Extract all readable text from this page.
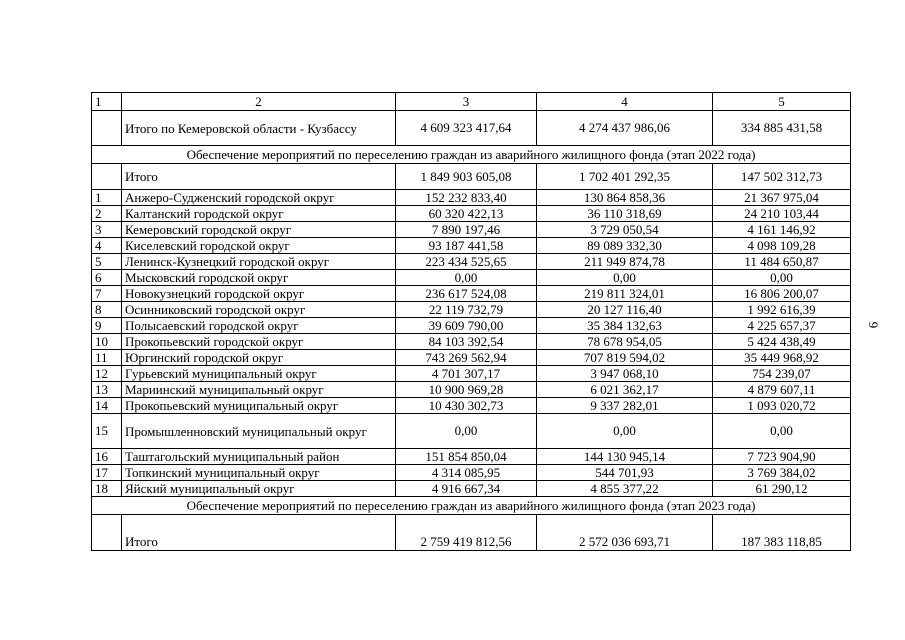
1	2	3	4	5
	Итого по Кемеровской области - Кузбассу	4 609 323 417,64	4 274 437 986,06	334 885 431,58
Обеспечение мероприятий по переселению граждан из аварийного жилищного фонда (этап 2022 года)				
	Итого	1 849 903 605,08	1 702 401 292,35	147 502 312,73
1	Анжеро-Судженский городской округ	152 232 833,40	130 864 858,36	21 367 975,04
2	Калтанский городской округ	60 320 422,13	36 110 318,69	24 210 103,44
3	Кемеровский городской округ	7 890 197,46	3 729 050,54	4 161 146,92
4	Киселевский городской округ	93 187 441,58	89 089 332,30	4 098 109,28
5	Ленинск-Кузнецкий городской округ	223 434 525,65	211 949 874,78	11 484 650,87
6	Мысковский городской округ	0,00	0,00	0,00
7	Новокузнецкий городской округ	236 617 524,08	219 811 324,01	16 806 200,07
8	Осинниковский городской округ	22 119 732,79	20 127 116,40	1 992 616,39
9	Полысаевский городской округ	39 609 790,00	35 384 132,63	4 225 657,37
10	Прокопьевский городской округ	84 103 392,54	78 678 954,05	5 424 438,49
11	Юргинский городской округ	743 269 562,94	707 819 594,02	35 449 968,92
12	Гурьевский муниципальный округ	4 701 307,17	3 947 068,10	754 239,07
13	Мариинский муниципальный округ	10 900 969,28	6 021 362,17	4 879 607,11
14	Прокопьевский муниципальный округ	10 430 302,73	9 337 282,01	1 093 020,72
15	Промышленновский муниципальный округ	0,00	0,00	0,00
16	Таштагольский муниципальный район	151 854 850,04	144 130 945,14	7 723 904,90
17	Топкинский муниципальный округ	4 314 085,95	544 701,93	3 769 384,02
18	Яйский муниципальный округ	4 916 667,34	4 855 377,22	61 290,12
Обеспечение мероприятий по переселению граждан из аварийного жилищного фонда (этап 2023 года)				
	Итого	2 759 419 812,56	2 572 036 693,71	187 383 118,85
9
